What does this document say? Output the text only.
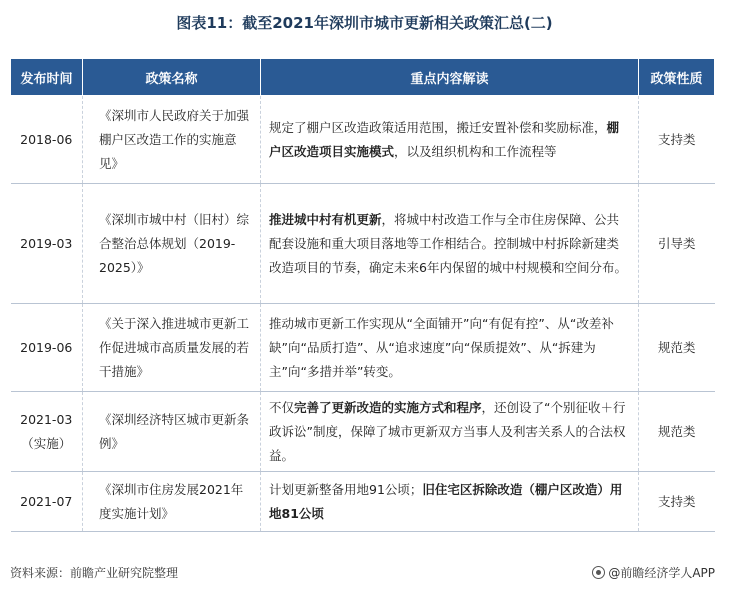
图表11：截至2021年深圳市城市更新相关政策汇总(二)
发布时间	政策名称	重点内容解读	政策性质
2018-06	《深圳市人民政府关于加强棚户区改造工作的实施意见》	规定了棚户区改造政策适用范围，搬迁安置补偿和奖励标准，棚户区改造项目实施模式，以及组织机构和工作流程等	支持类
2019-03	《深圳市城中村（旧村）综合整治总体规划（2019-2025）》	推进城中村有机更新，将城中村改造工作与全市住房保障、公共配套设施和重大项目落地等工作相结合。控制城中村拆除新建类改造项目的节奏，确定未来6年内保留的城中村规模和空间分布。	引导类
2019-06	《关于深入推进城市更新工作促进城市高质量发展的若干措施》	推动城市更新工作实现从“全面铺开”向“有促有控”、从“改差补缺”向“品质打造”、从“追求速度”向“保质提效”、从“拆建为主”向“多措并举”转变。	规范类
2021-03（实施）	《深圳经济特区城市更新条例》	不仅完善了更新改造的实施方式和程序，还创设了“个别征收＋行政诉讼”制度，保障了城市更新双方当事人及利害关系人的合法权益。	规范类
2021-07	《深圳市住房发展2021年度实施计划》	计划更新整备用地91公顷；旧住宅区拆除改造（棚户区改造）用地81公顷	支持类
资料来源：前瞻产业研究院整理	@前瞻经济学人APP
